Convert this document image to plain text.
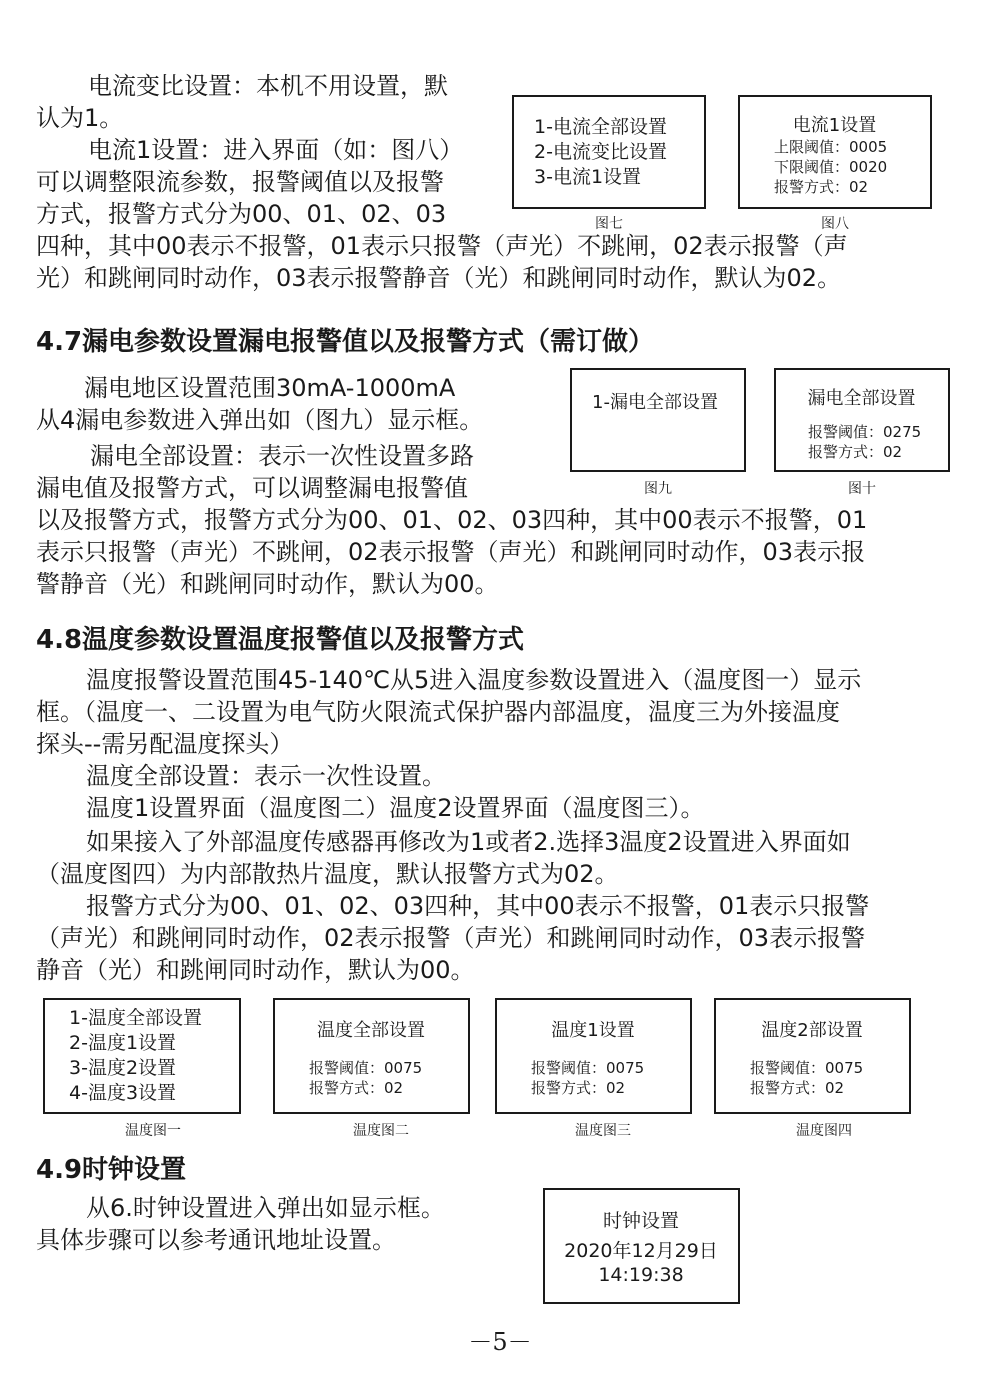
电流变比设置：本机不用设置，默

认为1。

电流1设置：进入界面（如：图八）

可以调整限流参数，报警阈值以及报警

方式，报警方式分为00、01、02、03

四种，其中00表示不报警，01表示只报警（声光）不跳闸，02表示报警（声

光）和跳闸同时动作，03表示报警静音（光）和跳闸同时动作，默认为02。

1-电流全部设置
2-电流变比设置
3-电流1设置
图七
电流1设置
上限阈值：0005
下限阈值：0020
报警方式：02
图八

4.7漏电参数设置漏电报警值以及报警方式（需订做）

漏电地区设置范围30mA-1000mA

从4漏电参数进入弹出如（图九）显示框。

漏电全部设置：表示一次性设置多路

漏电值及报警方式，可以调整漏电报警值

以及报警方式，报警方式分为00、01、02、03四种，其中00表示不报警，01

表示只报警（声光）不跳闸，02表示报警（声光）和跳闸同时动作，03表示报

警静音（光）和跳闸同时动作，默认为00。

1-漏电全部设置
图九
漏电全部设置
报警阈值：0275
报警方式：02
图十

4.8温度参数设置温度报警值以及报警方式

温度报警设置范围45-140℃从5进入温度参数设置进入（温度图一）显示

框。（温度一、二设置为电气防火限流式保护器内部温度，温度三为外接温度

探头--需另配温度探头）

温度全部设置：表示一次性设置。

温度1设置界面（温度图二）温度2设置界面（温度图三）。

如果接入了外部温度传感器再修改为1或者2.选择3温度2设置进入界面如

（温度图四）为内部散热片温度，默认报警方式为02。

报警方式分为00、01、02、03四种，其中00表示不报警，01表示只报警

（声光）和跳闸同时动作，02表示报警（声光）和跳闸同时动作，03表示报警

静音（光）和跳闸同时动作，默认为00。

1-温度全部设置
2-温度1设置
3-温度2设置
4-温度3设置
温度图一
温度全部设置
报警阈值：0075
报警方式：02
温度图二
温度1设置
报警阈值：0075
报警方式：02
温度图三
温度2部设置
报警阈值：0075
报警方式：02
温度图四

4.9时钟设置

从6.时钟设置进入弹出如显示框。

具体步骤可以参考通讯地址设置。

时钟设置
2020年12月29日
14:19:38
－5－
